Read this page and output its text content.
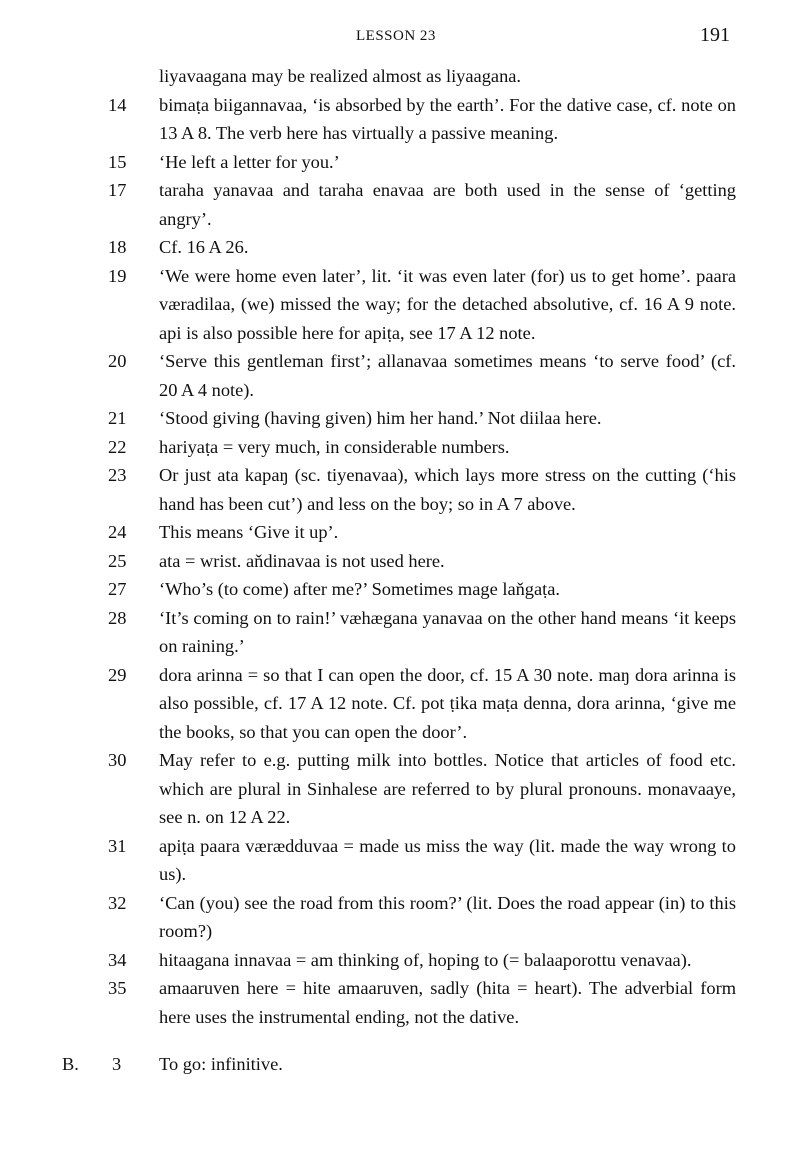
LESSON 23	191
liyavaagana may be realized almost as liyaagana.
14	bimaṭa biigannavaa, ‘is absorbed by the earth’. For the dative case, cf. note on 13 A 8. The verb here has virtually a passive meaning.
15	‘He left a letter for you.’
17	taraha yanavaa and taraha enavaa are both used in the sense of ‘getting angry’.
18	Cf. 16 A 26.
19	‘We were home even later’, lit. ‘it was even later (for) us to get home’. paara væradilaa, (we) missed the way; for the detached absolutive, cf. 16 A 9 note. api is also possible here for apiṭa, see 17 A 12 note.
20	‘Serve this gentleman first’; allanavaa sometimes means ‘to serve food’ (cf. 20 A 4 note).
21	‘Stood giving (having given) him her hand.’ Not diilaa here.
22	hariyaṭa = very much, in considerable numbers.
23	Or just ata kapaŋ (sc. tiyenavaa), which lays more stress on the cutting (‘his hand has been cut’) and less on the boy; so in A 7 above.
24	This means ‘Give it up’.
25	ata = wrist. aňdinavaa is not used here.
27	‘Who’s (to come) after me?’ Sometimes mage laňgaṭa.
28	‘It’s coming on to rain!’ væhægana yanavaa on the other hand means ‘it keeps on raining.’
29	dora arinna = so that I can open the door, cf. 15 A 30 note. maŋ dora arinna is also possible, cf. 17 A 12 note. Cf. pot ṭika maṭa denna, dora arinna, ‘give me the books, so that you can open the door’.
30	May refer to e.g. putting milk into bottles. Notice that articles of food etc. which are plural in Sinhalese are referred to by plural pronouns. monavaaye, see n. on 12 A 22.
31	apiṭa paara værædduvaa = made us miss the way (lit. made the way wrong to us).
32	‘Can (you) see the road from this room?’ (lit. Does the road appear (in) to this room?)
34	hitaagana innavaa = am thinking of, hoping to (= balaaporottu venavaa).
35	amaaruven here = hite amaaruven, sadly (hita = heart). The adverbial form here uses the instrumental ending, not the dative.
B. 3 To go: infinitive.
